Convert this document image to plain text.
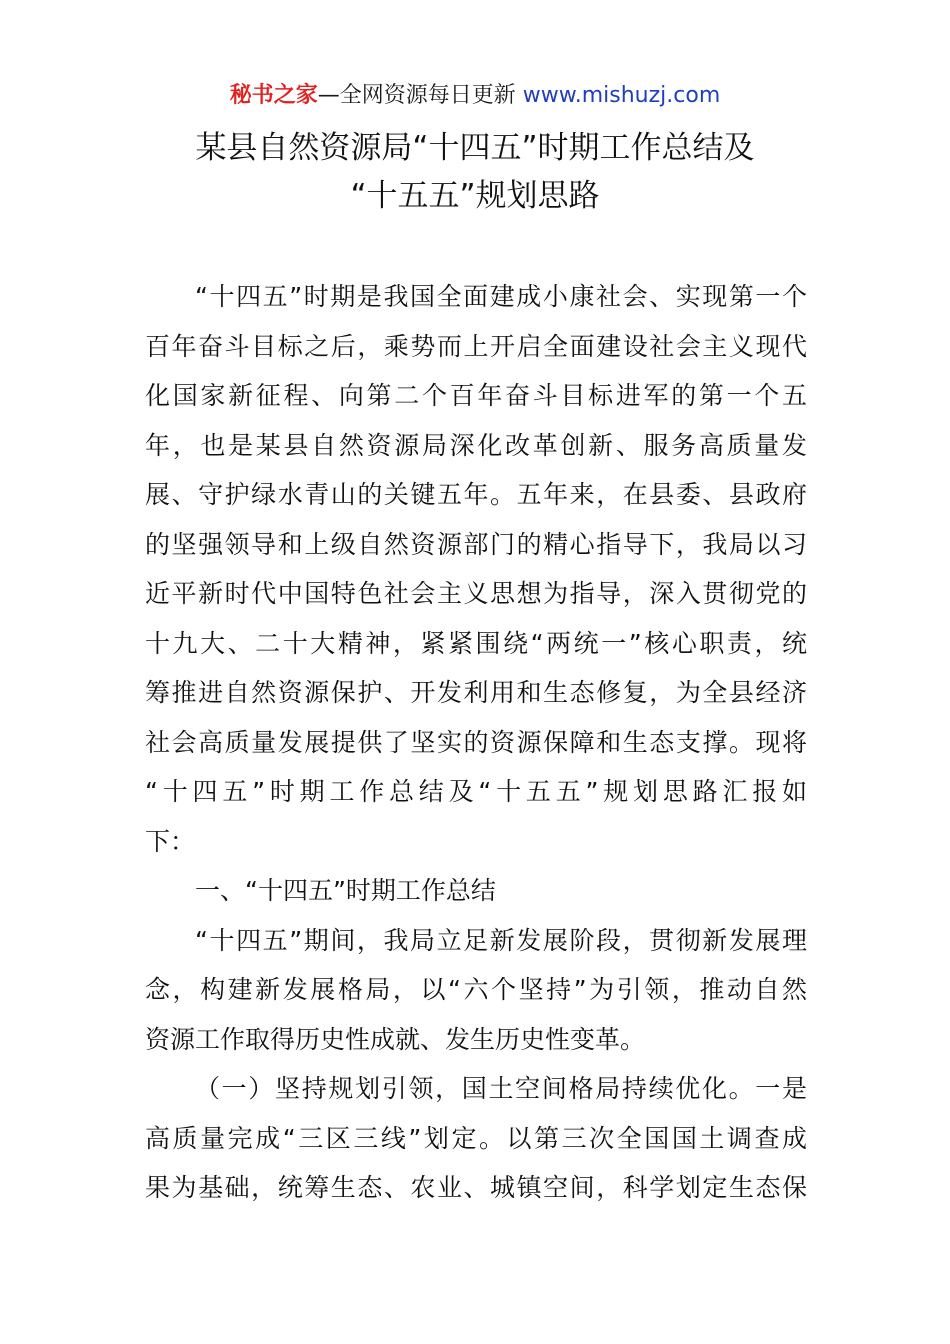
秘书之家—全网资源每日更新 www.mishuzj.com
某县自然资源局“十四五”时期工作总结及
“十五五”规划思路
“十四五”时期是我国全面建成小康社会、实现第一个
百年奋斗目标之后，乘势而上开启全面建设社会主义现代
化国家新征程、向第二个百年奋斗目标进军的第一个五
年，也是某县自然资源局深化改革创新、服务高质量发
展、守护绿水青山的关键五年。五年来，在县委、县政府
的坚强领导和上级自然资源部门的精心指导下，我局以习
近平新时代中国特色社会主义思想为指导，深入贯彻党的
十九大、二十大精神，紧紧围绕“两统一”核心职责，统
筹推进自然资源保护、开发利用和生态修复，为全县经济
社会高质量发展提供了坚实的资源保障和生态支撑。现将
“十四五”时期工作总结及“十五五”规划思路汇报如
下：
一、“十四五”时期工作总结
“十四五”期间，我局立足新发展阶段，贯彻新发展理
念，构建新发展格局，以“六个坚持”为引领，推动自然
资源工作取得历史性成就、发生历史性变革。
（一）坚持规划引领，国土空间格局持续优化。一是
高质量完成“三区三线”划定。以第三次全国国土调查成
果为基础，统筹生态、农业、城镇空间，科学划定生态保
